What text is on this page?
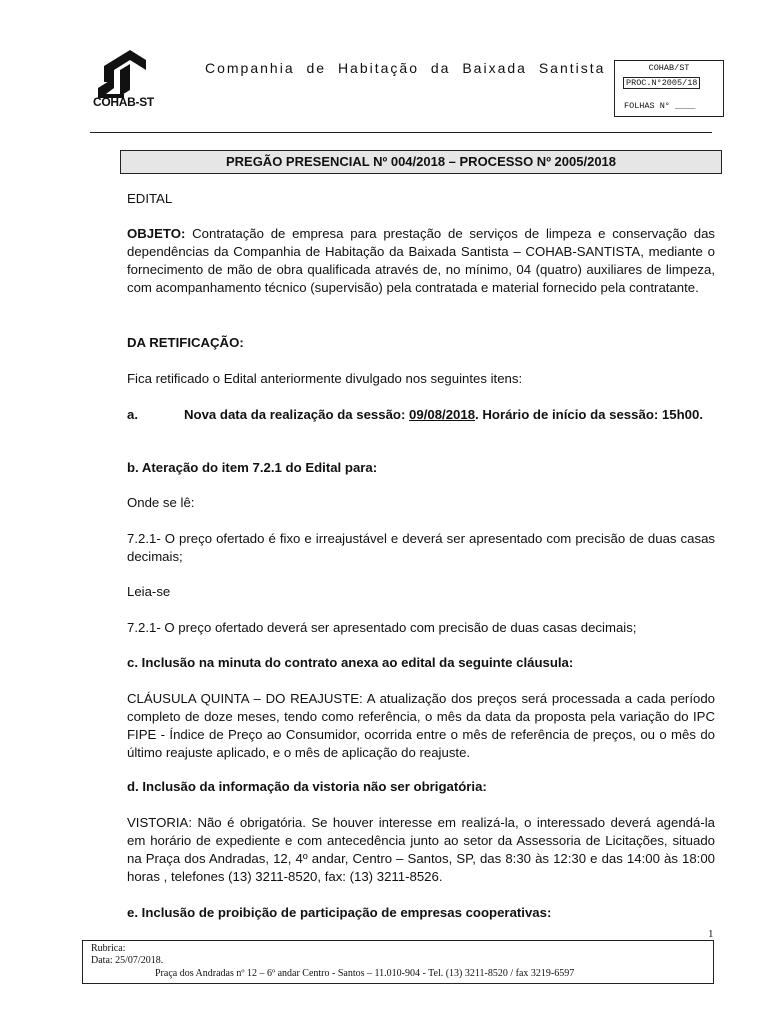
COHAB-ST
Companhia de Habitação da Baixada Santista	COHAB/ST
PROC.N°2005/18
FOLHAS N° ____
PREGÃO PRESENCIAL Nº 004/2018 – PROCESSO Nº 2005/2018
EDITAL
OBJETO: Contratação de empresa para prestação de serviços de limpeza e conservação das dependências da Companhia de Habitação da Baixada Santista – COHAB-SANTISTA, mediante o fornecimento de mão de obra qualificada através de, no mínimo, 04 (quatro) auxiliares de limpeza, com acompanhamento técnico (supervisão) pela contratada e material fornecido pela contratante.
DA RETIFICAÇÃO:
Fica retificado o Edital anteriormente divulgado nos seguintes itens:
a.	Nova data da realização da sessão: 09/08/2018. Horário de início da sessão: 15h00.
b. Ateração do item 7.2.1 do Edital para:
Onde se lê:
7.2.1- O preço ofertado é fixo e irreajustável e deverá ser apresentado com precisão de duas casas decimais;
Leia-se
7.2.1- O preço ofertado deverá ser apresentado com precisão de duas casas decimais;
c. Inclusão na minuta do contrato anexa ao edital da seguinte cláusula:
CLÁUSULA QUINTA – DO REAJUSTE: A atualização dos preços será processada a cada período completo de doze meses, tendo como referência, o mês da data da proposta pela variação do IPC FIPE - Índice de Preço ao Consumidor, ocorrida entre o mês de referência de preços, ou o mês do último reajuste aplicado, e o mês de aplicação do reajuste.
d. Inclusão da informação da vistoria não ser obrigatória:
VISTORIA: Não é obrigatória. Se houver interesse em realizá-la, o interessado deverá agendá-la em horário de expediente e com antecedência junto ao setor da Assessoria de Licitações, situado na Praça dos Andradas, 12, 4º andar, Centro – Santos, SP, das 8:30 às 12:30 e das 14:00 às 18:00 horas , telefones (13) 3211-8520, fax: (13) 3211-8526.
e. Inclusão de proibição de participação de empresas cooperativas:
1
Rubrica:
Data: 25/07/2018.
Praça dos Andradas nº 12 – 6º andar Centro - Santos – 11.010-904 - Tel. (13) 3211-8520 / fax 3219-6597
